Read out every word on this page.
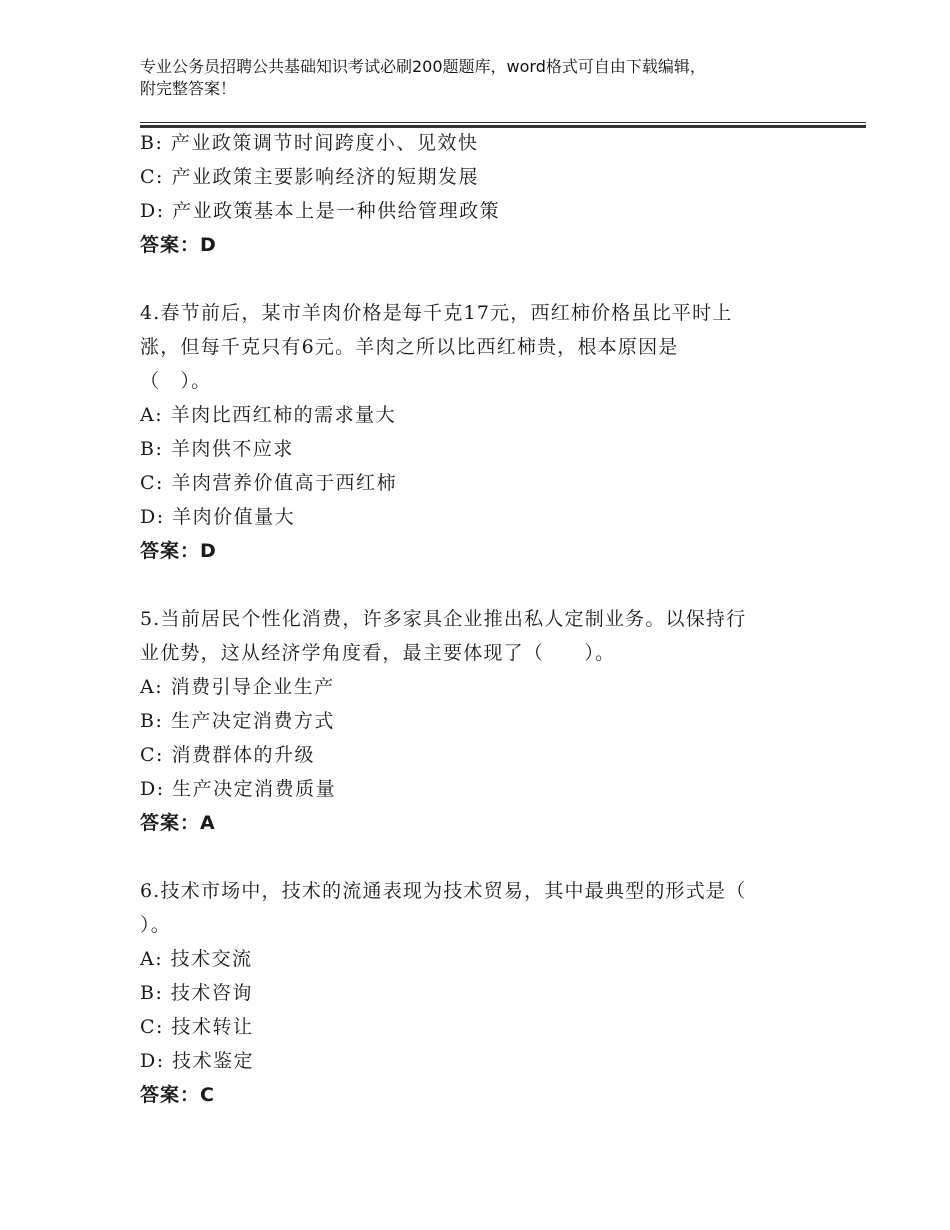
专业公务员招聘公共基础知识考试必刷200题题库，word格式可自由下载编辑，
附完整答案！
B: 产业政策调节时间跨度小、见效快
C: 产业政策主要影响经济的短期发展
D: 产业政策基本上是一种供给管理政策
答案：D
4.春节前后，某市羊肉价格是每千克17元，西红柿价格虽比平时上
涨，但每千克只有6元。羊肉之所以比西红柿贵，根本原因是
（　）。
A: 羊肉比西红柿的需求量大
B: 羊肉供不应求
C: 羊肉营养价值高于西红柿
D: 羊肉价值量大
答案：D
5.当前居民个性化消费，许多家具企业推出私人定制业务。以保持行
业优势，这从经济学角度看，最主要体现了（　　）。
A: 消费引导企业生产
B: 生产决定消费方式
C: 消费群体的升级
D: 生产决定消费质量
答案：A
6.技术市场中，技术的流通表现为技术贸易，其中最典型的形式是（
）。
A: 技术交流
B: 技术咨询
C: 技术转让
D: 技术鉴定
答案：C
